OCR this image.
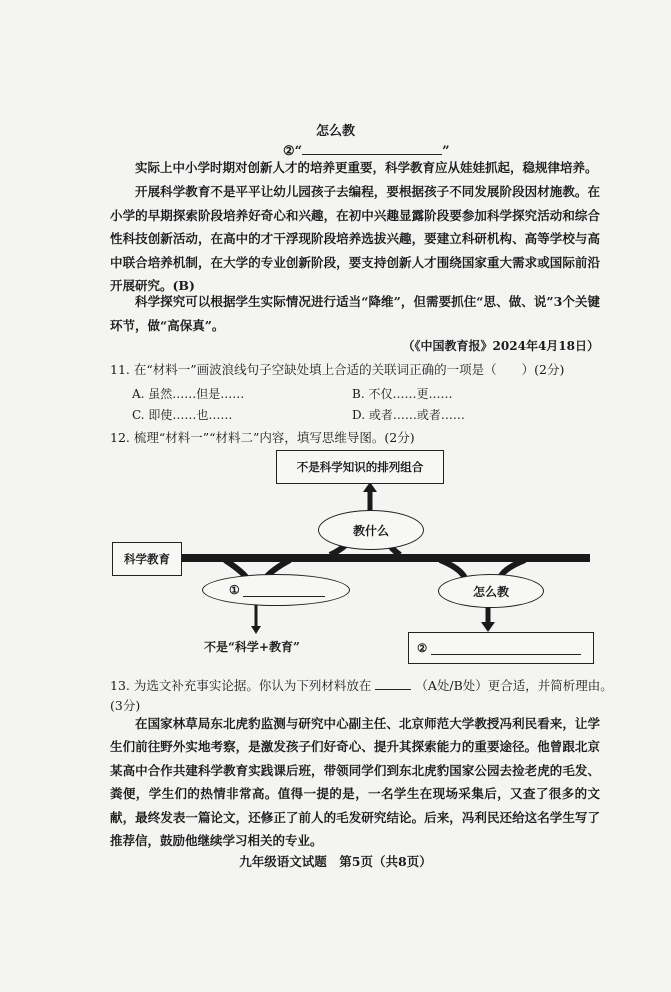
怎么教
②“	”
实际上中小学时期对创新人才的培养更重要，科学教育应从娃娃抓起，稳规律培养。
开展科学教育不是平平让幼儿园孩子去编程，要根据孩子不同发展阶段因材施教。在小学的早期探索阶段培养好奇心和兴趣，在初中兴趣显露阶段要参加科学探究活动和综合性科技创新活动，在高中的才干浮现阶段培养选拔兴趣，要建立科研机构、高等学校与高中联合培养机制，在大学的专业创新阶段，要支持创新人才围绕国家重大需求或国际前沿开展研究。(B)
科学探究可以根据学生实际情况进行适当“降维”，但需要抓住“思、做、说”3个关键环节，做“高保真”。
（《中国教育报》2024年4月18日）
11. 在“材料一”画波浪线句子空缺处填上合适的关联词正确的一项是（　　）(2分)
A. 虽然……但是……	B. 不仅……更……
C. 即使……也……	D. 或者……或者……
12. 梳理“材料一”“材料二”内容，填写思维导图。(2分)
不是科学知识的排列组合
科学教育
教什么
①	怎么教
不是“科学+教育”	②
13. 为选文补充事实论据。你认为下列材料放在	（A处/B处）更合适，并简析理由。
(3分)
在国家林草局东北虎豹监测与研究中心副主任、北京师范大学教授冯利民看来，让学生们前往野外实地考察，是激发孩子们好奇心、提升其探索能力的重要途径。他曾跟北京某高中合作共建科学教育实践课后班，带领同学们到东北虎豹国家公园去捡老虎的毛发、粪便，学生们的热情非常高。值得一提的是，一名学生在现场采集后，又查了很多的文献，最终发表一篇论文，还修正了前人的毛发研究结论。后来，冯利民还给这名学生写了推荐信，鼓励他继续学习相关的专业。
九年级语文试题　第5页（共8页）
